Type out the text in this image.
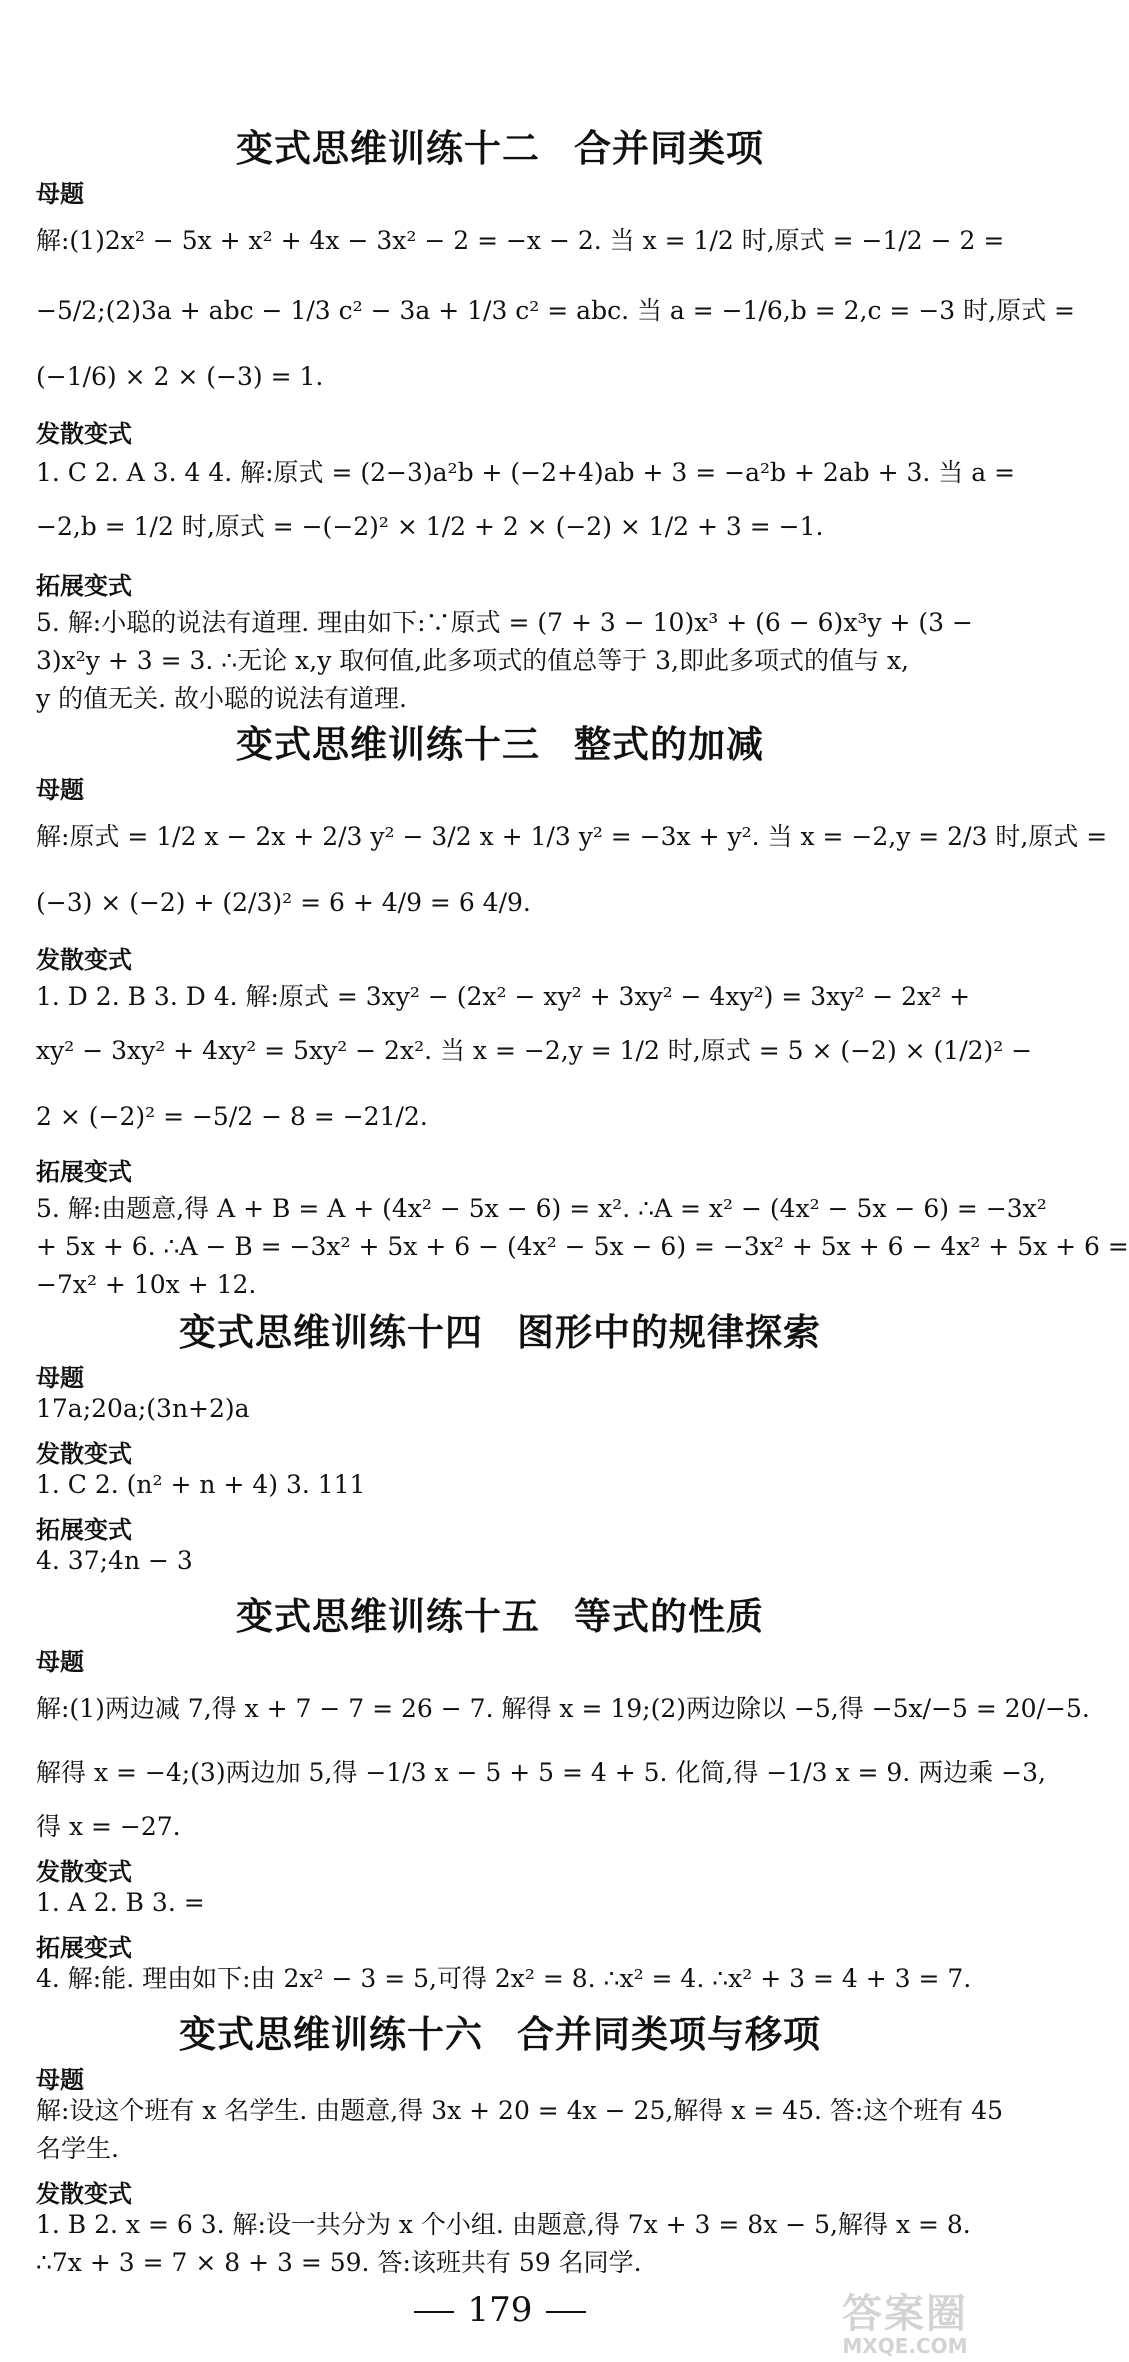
变式思维训练十二 合并同类项
母题
解:(1)2x² − 5x + x² + 4x − 3x² − 2 = −x − 2. 当 x = 1/2 时,原式 = −1/2 − 2 =
−5/2;(2)3a + abc − 1/3 c² − 3a + 1/3 c² = abc. 当 a = −1/6,b = 2,c = −3 时,原式 =
(−1/6) × 2 × (−3) = 1.
发散变式
1. C 2. A 3. 4 4. 解:原式 = (2−3)a²b + (−2+4)ab + 3 = −a²b + 2ab + 3. 当 a =
−2,b = 1/2 时,原式 = −(−2)² × 1/2 + 2 × (−2) × 1/2 + 3 = −1.
拓展变式
5. 解:小聪的说法有道理. 理由如下:∵原式 = (7 + 3 − 10)x³ + (6 − 6)x³y + (3 −
3)x²y + 3 = 3. ∴无论 x,y 取何值,此多项式的值总等于 3,即此多项式的值与 x,
y 的值无关. 故小聪的说法有道理.
变式思维训练十三 整式的加减
母题
解:原式 = 1/2 x − 2x + 2/3 y² − 3/2 x + 1/3 y² = −3x + y². 当 x = −2,y = 2/3 时,原式 =
(−3) × (−2) + (2/3)² = 6 + 4/9 = 6 4/9.
发散变式
1. D 2. B 3. D 4. 解:原式 = 3xy² − (2x² − xy² + 3xy² − 4xy²) = 3xy² − 2x² +
xy² − 3xy² + 4xy² = 5xy² − 2x². 当 x = −2,y = 1/2 时,原式 = 5 × (−2) × (1/2)² −
2 × (−2)² = −5/2 − 8 = −21/2.
拓展变式
5. 解:由题意,得 A + B = A + (4x² − 5x − 6) = x². ∴A = x² − (4x² − 5x − 6) = −3x²
+ 5x + 6. ∴A − B = −3x² + 5x + 6 − (4x² − 5x − 6) = −3x² + 5x + 6 − 4x² + 5x + 6 =
−7x² + 10x + 12.
变式思维训练十四 图形中的规律探索
母题
17a;20a;(3n+2)a
发散变式
1. C 2. (n² + n + 4) 3. 111
拓展变式
4. 37;4n − 3
变式思维训练十五 等式的性质
母题
解:(1)两边减 7,得 x + 7 − 7 = 26 − 7. 解得 x = 19;(2)两边除以 −5,得 −5x/−5 = 20/−5.
解得 x = −4;(3)两边加 5,得 −1/3 x − 5 + 5 = 4 + 5. 化简,得 −1/3 x = 9. 两边乘 −3,
得 x = −27.
发散变式
1. A 2. B 3. =
拓展变式
4. 解:能. 理由如下:由 2x² − 3 = 5,可得 2x² = 8. ∴x² = 4. ∴x² + 3 = 4 + 3 = 7.
变式思维训练十六 合并同类项与移项
母题
解:设这个班有 x 名学生. 由题意,得 3x + 20 = 4x − 25,解得 x = 45. 答:这个班有 45
名学生.
发散变式
1. B 2. x = 6 3. 解:设一共分为 x 个小组. 由题意,得 7x + 3 = 8x − 5,解得 x = 8.
∴7x + 3 = 7 × 8 + 3 = 59. 答:该班共有 59 名同学.
179	答案圈
MXQE.COM
